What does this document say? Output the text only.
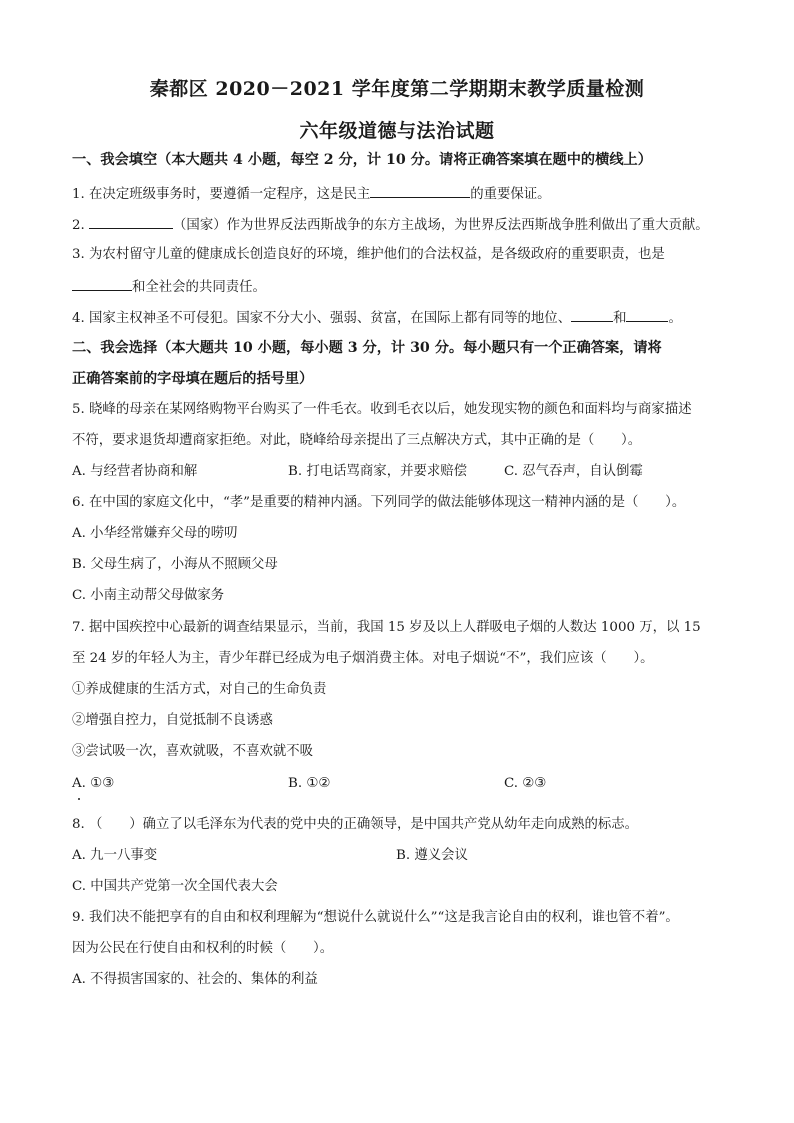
秦都区 2020－2021 学年度第二学期期末教学质量检测
六年级道德与法治试题
一、我会填空（本大题共 4 小题，每空 2 分，计 10 分。请将正确答案填在题中的横线上）
1. 在决定班级事务时，要遵循一定程序，这是民主	的重要保证。
2.	（国家）作为世界反法西斯战争的东方主战场，为世界反法西斯战争胜利做出了重大贡献。
3. 为农村留守儿童的健康成长创造良好的环境，维护他们的合法权益，是各级政府的重要职责，也是
和全社会的共同责任。
4. 国家主权神圣不可侵犯。国家不分大小、强弱、贫富，在国际上都有同等的地位、	和	。
二、我会选择（本大题共 10 小题，每小题 3 分，计 30 分。每小题只有一个正确答案，请将
正确答案前的字母填在题后的括号里）
5. 晓峰的母亲在某网络购物平台购买了一件毛衣。收到毛衣以后，她发现实物的颜色和面料均与商家描述
不符，要求退货却遭商家拒绝。对此，晓峰给母亲提出了三点解决方式，其中正确的是（　　）。
A. 与经营者协商和解	B. 打电话骂商家，并要求赔偿	C. 忍气吞声，自认倒霉
6. 在中国的家庭文化中，“孝”是重要的精神内涵。下列同学的做法能够体现这一精神内涵的是（　　）。
A. 小华经常嫌弃父母的唠叨
B. 父母生病了，小海从不照顾父母
C. 小南主动帮父母做家务
7. 据中国疾控中心最新的调查结果显示，当前，我国 15 岁及以上人群吸电子烟的人数达 1000 万，以 15
至 24 岁的年轻人为主，青少年群已经成为电子烟消费主体。对电子烟说“不”，我们应该（　　）。
①养成健康的生活方式，对自己的生命负责
②增强自控力，自觉抵制不良诱惑
③尝试吸一次，喜欢就吸，不喜欢就不吸
A. ①③	B. ①②	C. ②③
8. （　　）确立了以毛泽东为代表的党中央的正确领导，是中国共产党从幼年走向成熟的标志。
A. 九一八事变	B. 遵义会议
C. 中国共产党第一次全国代表大会
9. 我们决不能把享有的自由和权利理解为“想说什么就说什么”“这是我言论自由的权利，谁也管不着”。
因为公民在行使自由和权利的时候（　　）。
A. 不得损害国家的、社会的、集体的利益
